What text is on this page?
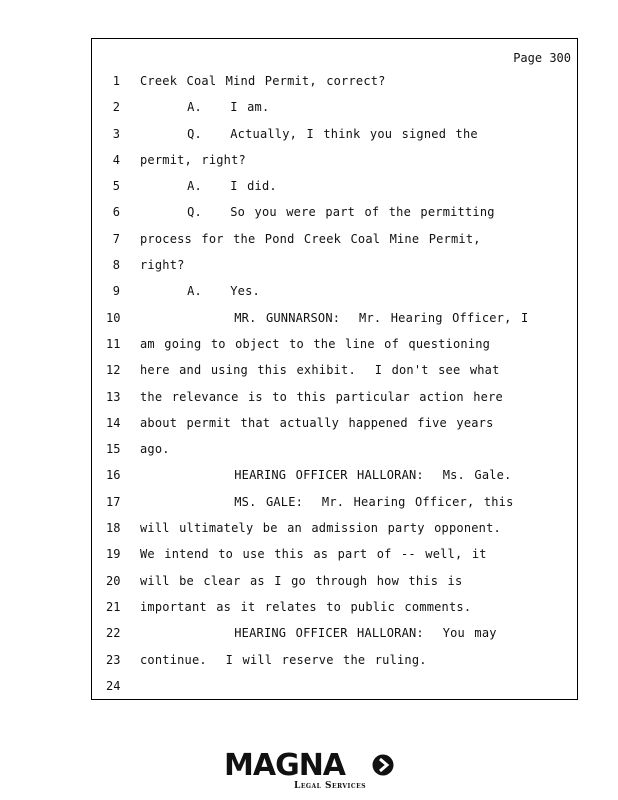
Page 300
1 Creek Coal Mind Permit, correct?
2 A.   I am.
3 Q.   Actually, I think you signed the
4 permit, right?
5 A.   I did.
6 Q.   So you were part of the permitting
7 process for the Pond Creek Coal Mine Permit,
8 right?
9 A.   Yes.
10 MR. GUNNARSON:  Mr. Hearing Officer, I
11 am going to object to the line of questioning
12 here and using this exhibit.  I don't see what
13 the relevance is to this particular action here
14 about permit that actually happened five years
15 ago.
16 HEARING OFFICER HALLORAN:  Ms. Gale.
17 MS. GALE:  Mr. Hearing Officer, this
18 will ultimately be an admission party opponent.
19 We intend to use this as part of -- well, it
20 will be clear as I go through how this is
21 important as it relates to public comments.
22 HEARING OFFICER HALLORAN:  You may
23 continue.  I will reserve the ruling.
24
MAGNA
Legal Services
